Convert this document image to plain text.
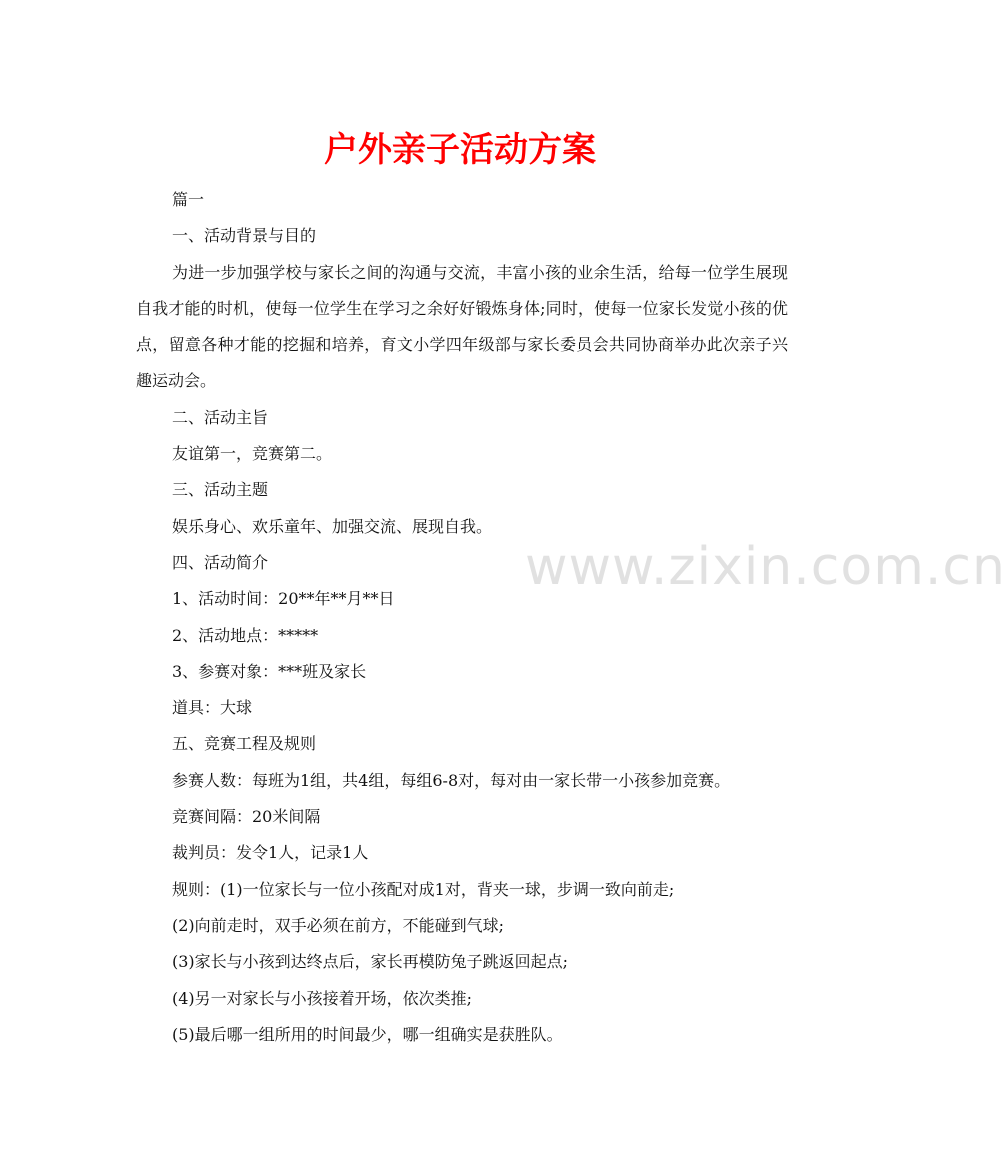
户外亲子活动方案
www.zixin.com.cn

篇一

一、活动背景与目的

为进一步加强学校与家长之间的沟通与交流，丰富小孩的业余生活，给每一位学生展现自我才能的时机，使每一位学生在学习之余好好锻炼身体;同时，使每一位家长发觉小孩的优点，留意各种才能的挖掘和培养，育文小学四年级部与家长委员会共同协商举办此次亲子兴趣运动会。

二、活动主旨

友谊第一，竞赛第二。

三、活动主题

娱乐身心、欢乐童年、加强交流、展现自我。

四、活动简介

1、活动时间：20**年**月**日

2、活动地点：*****

3、参赛对象：***班及家长

道具：大球

五、竞赛工程及规则

参赛人数：每班为1组，共4组，每组6-8对，每对由一家长带一小孩参加竞赛。

竞赛间隔：20米间隔

裁判员：发令1人，记录1人

规则：(1)一位家长与一位小孩配对成1对，背夹一球，步调一致向前走;

(2)向前走时，双手必须在前方，不能碰到气球;

(3)家长与小孩到达终点后，家长再模防兔子跳返回起点;

(4)另一对家长与小孩接着开场，依次类推;

(5)最后哪一组所用的时间最少，哪一组确实是获胜队。
